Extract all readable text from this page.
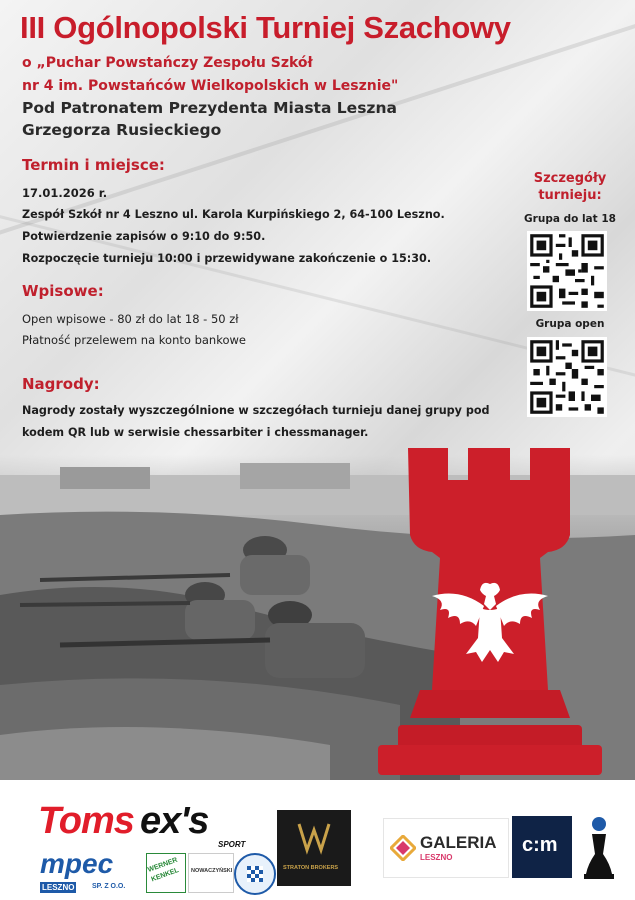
III Ogólnopolski Turniej Szachowy
o „Puchar Powstańczy Zespołu Szkół
nr 4 im. Powstańców Wielkopolskich w Lesznie"
Pod Patronatem Prezydenta Miasta Leszna
Grzegorza Rusieckiego
Termin i miejsce:
17.01.2026 r.
Zespół Szkół nr 4 Leszno ul. Karola Kurpińskiego 2, 64-100 Leszno.
Potwierdzenie zapisów o 9:10 do 9:50.
Rozpoczęcie turnieju 10:00 i przewidywane zakończenie o 15:30.
Wpisowe:
Open wpisowe - 80 zł do lat 18 - 50 zł
Płatność przelewem na konto bankowe
Nagrody:
Nagrody zostały wyszczególnione w szczegółach turnieju danej grupy pod
kodem QR lub w serwisie chessarbiter i chessmanager.
Szczegóły
turnieju:
Grupa do lat 18
Grupa open
Toms ex's
SPORT
mpec
LESZNO	SP. Z O.O.
WERNER KENKEL	NOWACZYŃSKI	STRATON BROKERS
GALERIA
LESZNO
c:m
